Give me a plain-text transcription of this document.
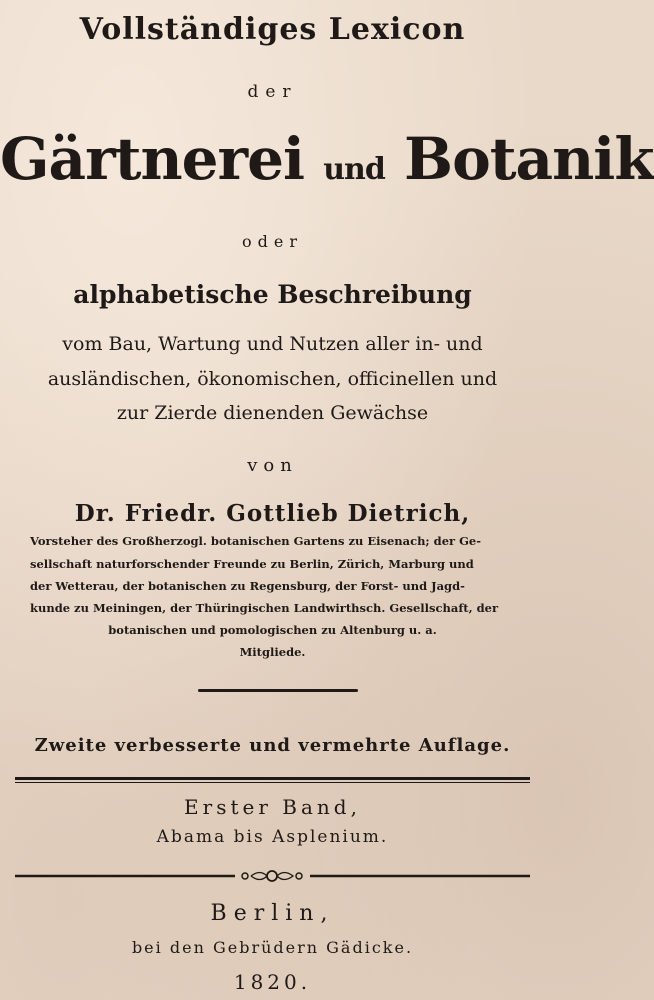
Vollständiges Lexicon
der
Gärtnerei und Botanik
oder
alphabetische Beschreibung
vom Bau, Wartung und Nutzen aller in- und
ausländischen, ökonomischen, officinellen und
zur Zierde dienenden Gewächse
von
Dr. Friedr. Gottlieb Dietrich,
Vorsteher des Großherzogl. botanischen Gartens zu Eisenach; der Ge-
sellschaft naturforschender Freunde zu Berlin, Zürich, Marburg und
der Wetterau, der botanischen zu Regensburg, der Forst- und Jagd-
kunde zu Meiningen, der Thüringischen Landwirthsch. Gesellschaft, der
botanischen und pomologischen zu Altenburg u. a.
Mitgliede.
Zweite verbesserte und vermehrte Auflage.
Erster Band,
Abama bis Asplenium.
Berlin,
bei den Gebrüdern Gädicke.
1820.
